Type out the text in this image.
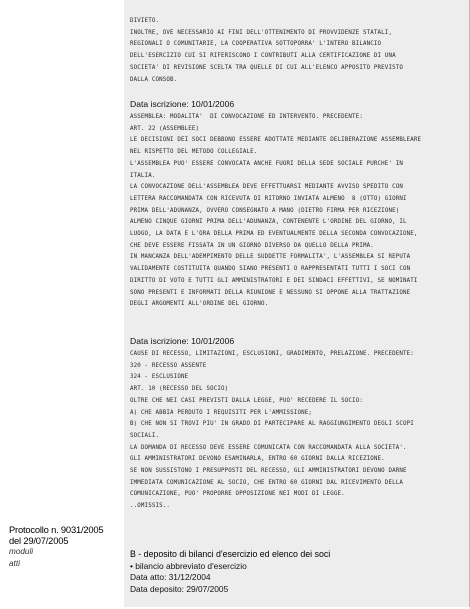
DIVIETO.

INOLTRE, OVE NECESSARIO AI FINI DELL'OTTENIMENTO DI PROVVIDENZE STATALI,

REGIONALI O COMUNITARIE, LA COOPERATIVA SOTTOPORRA' L'INTERO BILANCIO

DELL'ESERCIZIO CUI SI RIFERISCONO I CONTRIBUTI ALLA CERTIFICAZIONE DI UNA

SOCIETA' DI REVISIONE SCELTA TRA QUELLE DI CUI ALL'ELENCO APPOSITO PREVISTO

DALLA CONSOB.

Data iscrizione: 10/01/2006

ASSEMBLEA: MODALITA'  DI CONVOCAZIONE ED INTERVENTO. PRECEDENTE:

ART. 22 (ASSEMBLEE)

LE DECISIONI DEI SOCI DEBBONO ESSERE ADOTTATE MEDIANTE DELIBERAZIONE ASSEMBLEARE

NEL RISPETTO DEL METODO COLLEGIALE.

L'ASSEMBLEA PUO' ESSERE CONVOCATA ANCHE FUORI DELLA SEDE SOCIALE PURCHE' IN

ITALIA.

LA CONVOCAZIONE DELL'ASSEMBLEA DEVE EFFETTUARSI MEDIANTE AVVISO SPEDITO CON

LETTERA RACCOMANDATA CON RICEVUTA DI RITORNO INVIATA ALMENO  8 (OTTO) GIORNI

PRIMA DELL'ADUNANZA, OVVERO CONSEGNATO A MANO (DIETRO FIRMA PER RICEZIONE)

ALMENO CINQUE GIORNI PRIMA DELL'ADUNANZA, CONTENENTE L'ORDINE DEL GIORNO, IL

LUOGO, LA DATA E L'ORA DELLA PRIMA ED EVENTUALMENTE DELLA SECONDA CONVOCAZIONE,

CHE DEVE ESSERE FISSATA IN UN GIORNO DIVERSO DA QUELLO DELLA PRIMA.

IN MANCANZA DELL'ADEMPIMENTO DELLE SUDDETTE FORMALITA', L'ASSEMBLEA SI REPUTA

VALIDAMENTE COSTITUITA QUANDO SIANO PRESENTI O RAPPRESENTATI TUTTI I SOCI CON

DIRITTO DI VOTO E TUTTI GLI AMMINISTRATORI E DEI SINDACI EFFETTIVI, SE NOMINATI

SONO PRESENTI E INFORMATI DELLA RIUNIONE E NESSUNO SI OPPONE ALLA TRATTAZIONE

DEGLI ARGOMENTI ALL'ORDINE DEL GIORNO.

Data iscrizione: 10/01/2006

CAUSE DI RECESSO, LIMITAZIONI, ESCLUSIONI, GRADIMENTO, PRELAZIONE. PRECEDENTE:

320 - RECESSO ASSENTE

324 - ESCLUSIONE

ART. 10 (RECESSO DEL SOCIO)

OLTRE CHE NEI CASI PREVISTI DALLA LEGGE, PUO' RECEDERE IL SOCIO:

A) CHE ABBIA PERDUTO I REQUISITI PER L'AMMISSIONE;

B) CHE NON SI TROVI PIU' IN GRADO DI PARTECIPARE AL RAGGIUNGIMENTO DEGLI SCOPI

SOCIALI.

LA DOMANDA DI RECESSO DEVE ESSERE COMUNICATA CON RACCOMANDATA ALLA SOCIETA'.

GLI AMMINISTRATORI DEVONO ESAMINARLA, ENTRO 60 GIORNI DALLA RICEZIONE.

SE NON SUSSISTONO I PRESUPPOSTI DEL RECESSO, GLI AMMINISTRATORI DEVONO DARNE

IMMEDIATA COMUNICAZIONE AL SOCIO, CHE ENTRO 60 GIORNI DAL RICEVIMENTO DELLA

COMUNICAZIONE, PUO' PROPORRE OPPOSIZIONE NEI MODI DI LEGGE.

..OMISSIS..

Protocollo n. 9031/2005

del 29/07/2005

moduli

atti

B - deposito di bilanci d'esercizio ed elenco dei soci

• bilancio abbreviato d'esercizio

Data atto: 31/12/2004

Data deposito: 29/07/2005
